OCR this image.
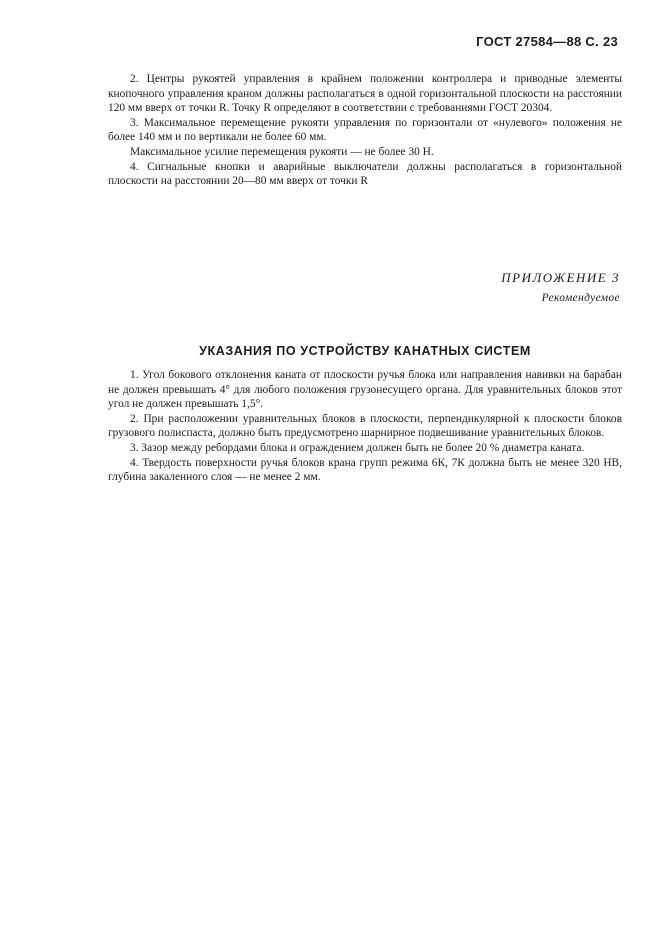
ГОСТ 27584—88 С. 23

2. Центры рукоятей управления в крайнем положении контроллера и приводные элементы кнопочного управления краном должны располагаться в одной горизонтальной плоскости на расстоянии 120 мм вверх от точки R. Точку R определяют в соответствии с требованиями ГОСТ 20304.

3. Максимальное перемещение рукояти управления по горизонтали от «нулевого» положения не более 140 мм и по вертикали не более 60 мм.

Максимальное усилие перемещения рукояти — не более 30 Н.

4. Сигнальные кнопки и аварийные выключатели должны располагаться в горизонтальной плоскости на расстоянии 20—80 мм вверх от точки R

ПРИЛОЖЕНИЕ 3
Рекомендуемое
УКАЗАНИЯ ПО УСТРОЙСТВУ КАНАТНЫХ СИСТЕМ

1. Угол бокового отклонения каната от плоскости ручья блока или направления навивки на барабан не должен превышать 4° для любого положения грузонесущего органа. Для уравнительных блоков этот угол не должен превышать 1,5°.

2. При расположении уравнительных блоков в плоскости, перпендикулярной к плоскости блоков грузового полиспаста, должно быть предусмотрено шарнирное подвешивание уравнительных блоков.

3. Зазор между ребордами блока и ограждением должен быть не более 20 % диаметра каната.

4. Твердость поверхности ручья блоков крана групп режима 6К, 7К должна быть не менее 320 НВ, глубина закаленного слоя — не менее 2 мм.
